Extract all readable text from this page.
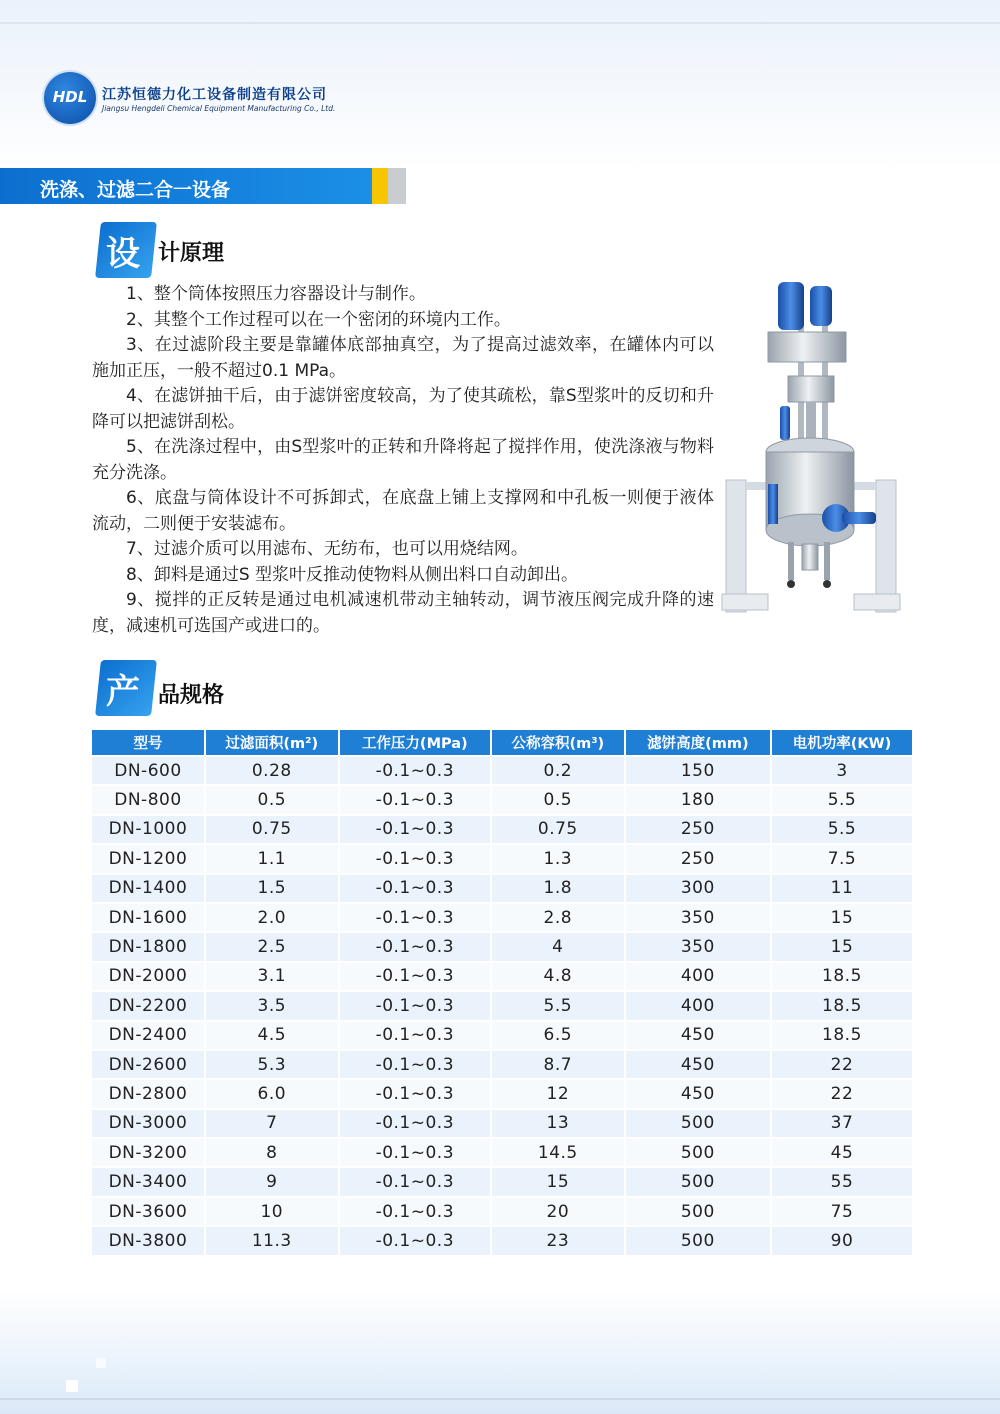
HDL	江苏恒德力化工设备制造有限公司
Jiangsu Hengdeli Chemical Equipment Manufacturing Co., Ltd.
洗涤、过滤二合一设备
设 计原理

1、整个筒体按照压力容器设计与制作。

2、其整个工作过程可以在一个密闭的环境内工作。

3、在过滤阶段主要是靠罐体底部抽真空，为了提高过滤效率，在罐体内可以施加正压，一般不超过0.1 MPa。

4、在滤饼抽干后，由于滤饼密度较高，为了使其疏松，靠S型浆叶的反切和升降可以把滤饼刮松。

5、在洗涤过程中，由S型浆叶的正转和升降将起了搅拌作用，使洗涤液与物料充分洗涤。

6、底盘与筒体设计不可拆卸式，在底盘上铺上支撑网和中孔板一则便于液体流动，二则便于安装滤布。

7、过滤介质可以用滤布、无纺布，也可以用烧结网。

8、卸料是通过S 型浆叶反推动使物料从侧出料口自动卸出。

9、搅拌的正反转是通过电机减速机带动主轴转动，调节液压阀完成升降的速度，减速机可选国产或进口的。

产 品规格
型号	过滤面积(m²)	工作压力(MPa)	公称容积(m³)	滤饼高度(mm)	电机功率(KW)
DN-600	0.28	-0.1~0.3	0.2	150	3
DN-800	0.5	-0.1~0.3	0.5	180	5.5
DN-1000	0.75	-0.1~0.3	0.75	250	5.5
DN-1200	1.1	-0.1~0.3	1.3	250	7.5
DN-1400	1.5	-0.1~0.3	1.8	300	11
DN-1600	2.0	-0.1~0.3	2.8	350	15
DN-1800	2.5	-0.1~0.3	4	350	15
DN-2000	3.1	-0.1~0.3	4.8	400	18.5
DN-2200	3.5	-0.1~0.3	5.5	400	18.5
DN-2400	4.5	-0.1~0.3	6.5	450	18.5
DN-2600	5.3	-0.1~0.3	8.7	450	22
DN-2800	6.0	-0.1~0.3	12	450	22
DN-3000	7	-0.1~0.3	13	500	37
DN-3200	8	-0.1~0.3	14.5	500	45
DN-3400	9	-0.1~0.3	15	500	55
DN-3600	10	-0.1~0.3	20	500	75
DN-3800	11.3	-0.1~0.3	23	500	90
